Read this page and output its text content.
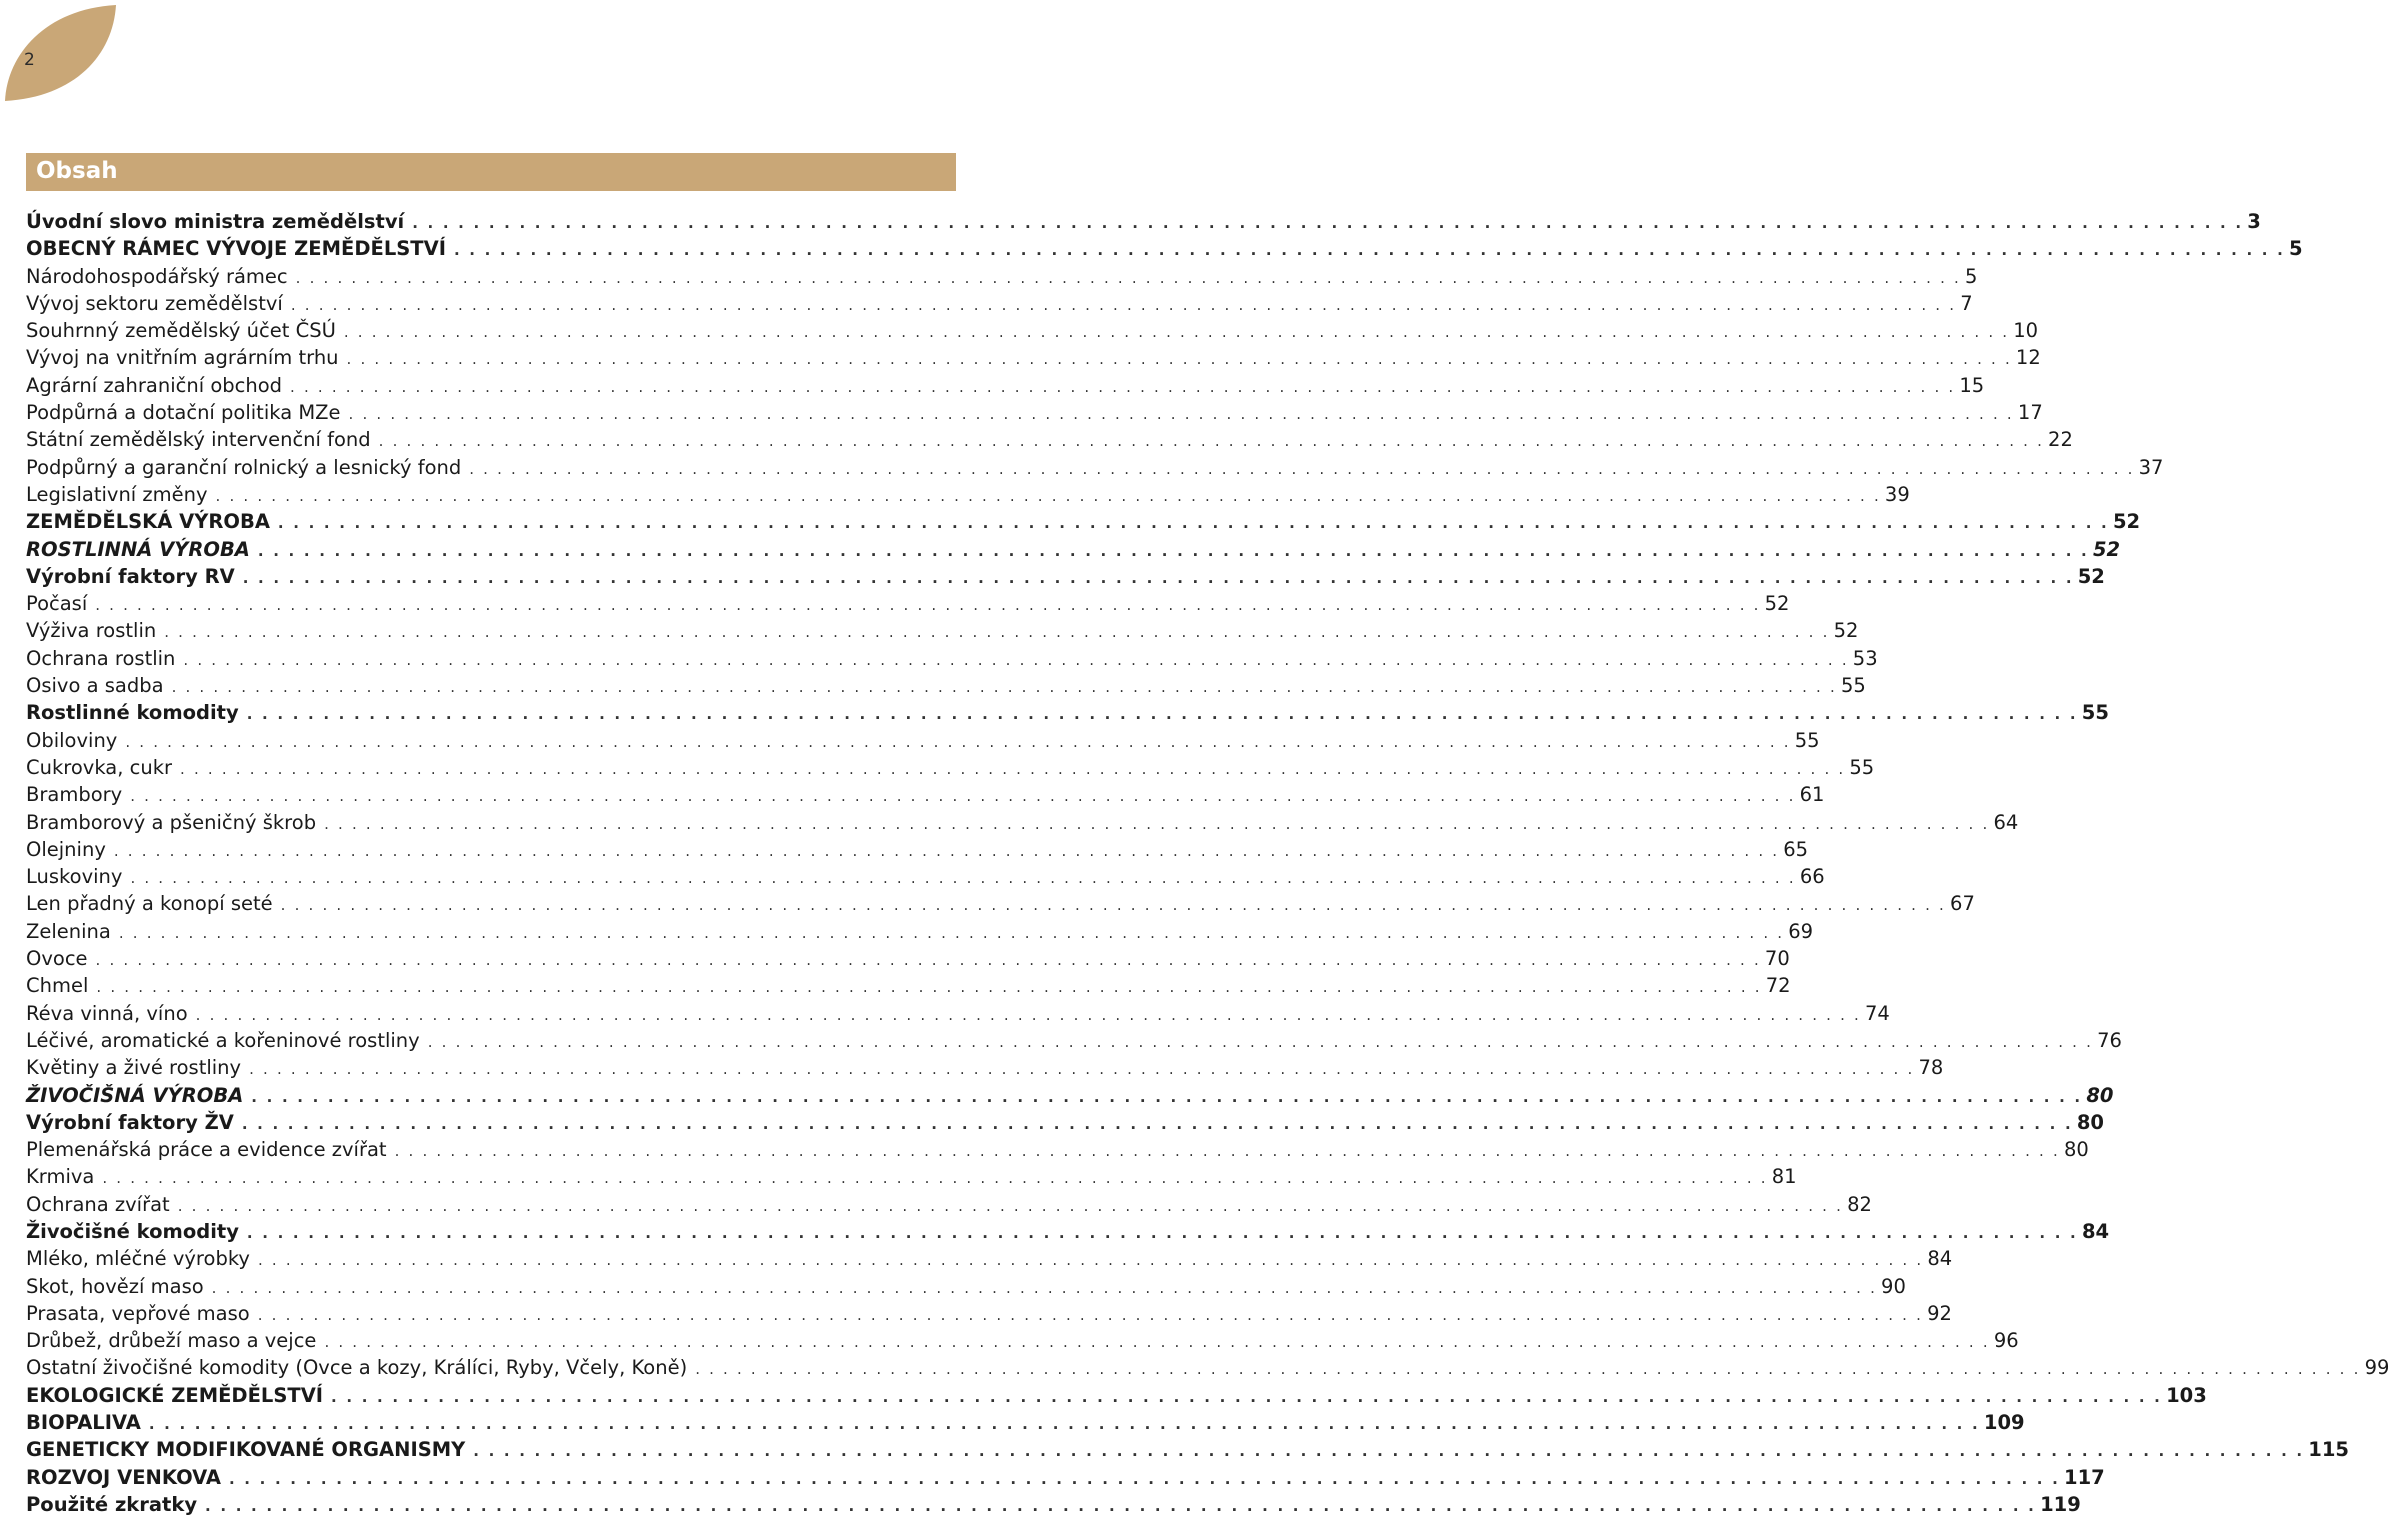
2
Obsah
Úvodní slovo ministra zemědělství . . . . . . . . . . . . . . . . . . . . . . . . . . . . . . . . . . . . . . . . . . . . . . . . . . . . . . . . . . . . . . . . . . . . . . . . . . . . . . . . . . . . . . . . . . . . . . . . . . . . . . . . . . . . . . . . . . . . . . . . 3
OBECNÝ RÁMEC VÝVOJE ZEMĚDĚLSTVÍ . . . . . . . . . . . . . . . . . . . . . . . . . . . . . . . . . . . . . . . . . . . . . . . . . . . . . . . . . . . . . . . . . . . . . . . . . . . . . . . . . . . . . . . . . . . . . . . . . . . . . . . . . . . . . . . . . . . . . . . . 5
Národohospodářský rámec . . . . . . . . . . . . . . . . . . . . . . . . . . . . . . . . . . . . . . . . . . . . . . . . . . . . . . . . . . . . . . . . . . . . . . . . . . . . . . . . . . . . . . . . . . . . . . . . . . . . . . . . . . . . . . . . . . . . . . . . 5
Vývoj sektoru zemědělství . . . . . . . . . . . . . . . . . . . . . . . . . . . . . . . . . . . . . . . . . . . . . . . . . . . . . . . . . . . . . . . . . . . . . . . . . . . . . . . . . . . . . . . . . . . . . . . . . . . . . . . . . . . . . . . . . . . . . . . . 7
Souhrnný zemědělský účet ČSÚ . . . . . . . . . . . . . . . . . . . . . . . . . . . . . . . . . . . . . . . . . . . . . . . . . . . . . . . . . . . . . . . . . . . . . . . . . . . . . . . . . . . . . . . . . . . . . . . . . . . . . . . . . . . . . . . . . . . . . . . . 10
Vývoj na vnitřním agrárním trhu . . . . . . . . . . . . . . . . . . . . . . . . . . . . . . . . . . . . . . . . . . . . . . . . . . . . . . . . . . . . . . . . . . . . . . . . . . . . . . . . . . . . . . . . . . . . . . . . . . . . . . . . . . . . . . . . . . . . . . . . 12
Agrární zahraniční obchod . . . . . . . . . . . . . . . . . . . . . . . . . . . . . . . . . . . . . . . . . . . . . . . . . . . . . . . . . . . . . . . . . . . . . . . . . . . . . . . . . . . . . . . . . . . . . . . . . . . . . . . . . . . . . . . . . . . . . . . . 15
Podpůrná a dotační politika MZe . . . . . . . . . . . . . . . . . . . . . . . . . . . . . . . . . . . . . . . . . . . . . . . . . . . . . . . . . . . . . . . . . . . . . . . . . . . . . . . . . . . . . . . . . . . . . . . . . . . . . . . . . . . . . . . . . . . . . . . . 17
Státní zemědělský intervenční fond . . . . . . . . . . . . . . . . . . . . . . . . . . . . . . . . . . . . . . . . . . . . . . . . . . . . . . . . . . . . . . . . . . . . . . . . . . . . . . . . . . . . . . . . . . . . . . . . . . . . . . . . . . . . . . . . . . . . . . . . 22
Podpůrný a garanční rolnický a lesnický fond . . . . . . . . . . . . . . . . . . . . . . . . . . . . . . . . . . . . . . . . . . . . . . . . . . . . . . . . . . . . . . . . . . . . . . . . . . . . . . . . . . . . . . . . . . . . . . . . . . . . . . . . . . . . . . . . . . . . . . . . 37
Legislativní změny . . . . . . . . . . . . . . . . . . . . . . . . . . . . . . . . . . . . . . . . . . . . . . . . . . . . . . . . . . . . . . . . . . . . . . . . . . . . . . . . . . . . . . . . . . . . . . . . . . . . . . . . . . . . . . . . . . . . . . . . 39
ZEMĚDĚLSKÁ VÝROBA . . . . . . . . . . . . . . . . . . . . . . . . . . . . . . . . . . . . . . . . . . . . . . . . . . . . . . . . . . . . . . . . . . . . . . . . . . . . . . . . . . . . . . . . . . . . . . . . . . . . . . . . . . . . . . . . . . . . . . . . 52
ROSTLINNÁ VÝROBA . . . . . . . . . . . . . . . . . . . . . . . . . . . . . . . . . . . . . . . . . . . . . . . . . . . . . . . . . . . . . . . . . . . . . . . . . . . . . . . . . . . . . . . . . . . . . . . . . . . . . . . . . . . . . . . . . . . . . . . . 52
Výrobní faktory RV . . . . . . . . . . . . . . . . . . . . . . . . . . . . . . . . . . . . . . . . . . . . . . . . . . . . . . . . . . . . . . . . . . . . . . . . . . . . . . . . . . . . . . . . . . . . . . . . . . . . . . . . . . . . . . . . . . . . . . . . 52
Počasí . . . . . . . . . . . . . . . . . . . . . . . . . . . . . . . . . . . . . . . . . . . . . . . . . . . . . . . . . . . . . . . . . . . . . . . . . . . . . . . . . . . . . . . . . . . . . . . . . . . . . . . . . . . . . . . . . . . . . . . . 52
Výživa rostlin . . . . . . . . . . . . . . . . . . . . . . . . . . . . . . . . . . . . . . . . . . . . . . . . . . . . . . . . . . . . . . . . . . . . . . . . . . . . . . . . . . . . . . . . . . . . . . . . . . . . . . . . . . . . . . . . . . . . . . . . 52
Ochrana rostlin . . . . . . . . . . . . . . . . . . . . . . . . . . . . . . . . . . . . . . . . . . . . . . . . . . . . . . . . . . . . . . . . . . . . . . . . . . . . . . . . . . . . . . . . . . . . . . . . . . . . . . . . . . . . . . . . . . . . . . . . 53
Osivo a sadba . . . . . . . . . . . . . . . . . . . . . . . . . . . . . . . . . . . . . . . . . . . . . . . . . . . . . . . . . . . . . . . . . . . . . . . . . . . . . . . . . . . . . . . . . . . . . . . . . . . . . . . . . . . . . . . . . . . . . . . . 55
Rostlinné komodity . . . . . . . . . . . . . . . . . . . . . . . . . . . . . . . . . . . . . . . . . . . . . . . . . . . . . . . . . . . . . . . . . . . . . . . . . . . . . . . . . . . . . . . . . . . . . . . . . . . . . . . . . . . . . . . . . . . . . . . . 55
Obiloviny . . . . . . . . . . . . . . . . . . . . . . . . . . . . . . . . . . . . . . . . . . . . . . . . . . . . . . . . . . . . . . . . . . . . . . . . . . . . . . . . . . . . . . . . . . . . . . . . . . . . . . . . . . . . . . . . . . . . . . . . 55
Cukrovka, cukr . . . . . . . . . . . . . . . . . . . . . . . . . . . . . . . . . . . . . . . . . . . . . . . . . . . . . . . . . . . . . . . . . . . . . . . . . . . . . . . . . . . . . . . . . . . . . . . . . . . . . . . . . . . . . . . . . . . . . . . . 55
Brambory . . . . . . . . . . . . . . . . . . . . . . . . . . . . . . . . . . . . . . . . . . . . . . . . . . . . . . . . . . . . . . . . . . . . . . . . . . . . . . . . . . . . . . . . . . . . . . . . . . . . . . . . . . . . . . . . . . . . . . . . 61
Bramborový a pšeničný škrob . . . . . . . . . . . . . . . . . . . . . . . . . . . . . . . . . . . . . . . . . . . . . . . . . . . . . . . . . . . . . . . . . . . . . . . . . . . . . . . . . . . . . . . . . . . . . . . . . . . . . . . . . . . . . . . . . . . . . . . . 64
Olejniny . . . . . . . . . . . . . . . . . . . . . . . . . . . . . . . . . . . . . . . . . . . . . . . . . . . . . . . . . . . . . . . . . . . . . . . . . . . . . . . . . . . . . . . . . . . . . . . . . . . . . . . . . . . . . . . . . . . . . . . . 65
Luskoviny . . . . . . . . . . . . . . . . . . . . . . . . . . . . . . . . . . . . . . . . . . . . . . . . . . . . . . . . . . . . . . . . . . . . . . . . . . . . . . . . . . . . . . . . . . . . . . . . . . . . . . . . . . . . . . . . . . . . . . . . 66
Len přadný a konopí seté . . . . . . . . . . . . . . . . . . . . . . . . . . . . . . . . . . . . . . . . . . . . . . . . . . . . . . . . . . . . . . . . . . . . . . . . . . . . . . . . . . . . . . . . . . . . . . . . . . . . . . . . . . . . . . . . . . . . . . . . 67
Zelenina . . . . . . . . . . . . . . . . . . . . . . . . . . . . . . . . . . . . . . . . . . . . . . . . . . . . . . . . . . . . . . . . . . . . . . . . . . . . . . . . . . . . . . . . . . . . . . . . . . . . . . . . . . . . . . . . . . . . . . . . 69
Ovoce . . . . . . . . . . . . . . . . . . . . . . . . . . . . . . . . . . . . . . . . . . . . . . . . . . . . . . . . . . . . . . . . . . . . . . . . . . . . . . . . . . . . . . . . . . . . . . . . . . . . . . . . . . . . . . . . . . . . . . . . 70
Chmel . . . . . . . . . . . . . . . . . . . . . . . . . . . . . . . . . . . . . . . . . . . . . . . . . . . . . . . . . . . . . . . . . . . . . . . . . . . . . . . . . . . . . . . . . . . . . . . . . . . . . . . . . . . . . . . . . . . . . . . . 72
Réva vinná, víno . . . . . . . . . . . . . . . . . . . . . . . . . . . . . . . . . . . . . . . . . . . . . . . . . . . . . . . . . . . . . . . . . . . . . . . . . . . . . . . . . . . . . . . . . . . . . . . . . . . . . . . . . . . . . . . . . . . . . . . . 74
Léčivé, aromatické a kořeninové rostliny . . . . . . . . . . . . . . . . . . . . . . . . . . . . . . . . . . . . . . . . . . . . . . . . . . . . . . . . . . . . . . . . . . . . . . . . . . . . . . . . . . . . . . . . . . . . . . . . . . . . . . . . . . . . . . . . . . . . . . . . 76
Květiny a živé rostliny . . . . . . . . . . . . . . . . . . . . . . . . . . . . . . . . . . . . . . . . . . . . . . . . . . . . . . . . . . . . . . . . . . . . . . . . . . . . . . . . . . . . . . . . . . . . . . . . . . . . . . . . . . . . . . . . . . . . . . . . 78
ŽIVOČIŠNÁ VÝROBA . . . . . . . . . . . . . . . . . . . . . . . . . . . . . . . . . . . . . . . . . . . . . . . . . . . . . . . . . . . . . . . . . . . . . . . . . . . . . . . . . . . . . . . . . . . . . . . . . . . . . . . . . . . . . . . . . . . . . . . . 80
Výrobní faktory ŽV . . . . . . . . . . . . . . . . . . . . . . . . . . . . . . . . . . . . . . . . . . . . . . . . . . . . . . . . . . . . . . . . . . . . . . . . . . . . . . . . . . . . . . . . . . . . . . . . . . . . . . . . . . . . . . . . . . . . . . . . 80
Plemenářská práce a evidence zvířat . . . . . . . . . . . . . . . . . . . . . . . . . . . . . . . . . . . . . . . . . . . . . . . . . . . . . . . . . . . . . . . . . . . . . . . . . . . . . . . . . . . . . . . . . . . . . . . . . . . . . . . . . . . . . . . . . . . . . . . . 80
Krmiva . . . . . . . . . . . . . . . . . . . . . . . . . . . . . . . . . . . . . . . . . . . . . . . . . . . . . . . . . . . . . . . . . . . . . . . . . . . . . . . . . . . . . . . . . . . . . . . . . . . . . . . . . . . . . . . . . . . . . . . . 81
Ochrana zvířat . . . . . . . . . . . . . . . . . . . . . . . . . . . . . . . . . . . . . . . . . . . . . . . . . . . . . . . . . . . . . . . . . . . . . . . . . . . . . . . . . . . . . . . . . . . . . . . . . . . . . . . . . . . . . . . . . . . . . . . . 82
Živočišné komodity . . . . . . . . . . . . . . . . . . . . . . . . . . . . . . . . . . . . . . . . . . . . . . . . . . . . . . . . . . . . . . . . . . . . . . . . . . . . . . . . . . . . . . . . . . . . . . . . . . . . . . . . . . . . . . . . . . . . . . . . 84
Mléko, mléčné výrobky . . . . . . . . . . . . . . . . . . . . . . . . . . . . . . . . . . . . . . . . . . . . . . . . . . . . . . . . . . . . . . . . . . . . . . . . . . . . . . . . . . . . . . . . . . . . . . . . . . . . . . . . . . . . . . . . . . . . . . . . 84
Skot, hovězí maso . . . . . . . . . . . . . . . . . . . . . . . . . . . . . . . . . . . . . . . . . . . . . . . . . . . . . . . . . . . . . . . . . . . . . . . . . . . . . . . . . . . . . . . . . . . . . . . . . . . . . . . . . . . . . . . . . . . . . . . . 90
Prasata, vepřové maso . . . . . . . . . . . . . . . . . . . . . . . . . . . . . . . . . . . . . . . . . . . . . . . . . . . . . . . . . . . . . . . . . . . . . . . . . . . . . . . . . . . . . . . . . . . . . . . . . . . . . . . . . . . . . . . . . . . . . . . . 92
Drůbež, drůbeží maso a vejce . . . . . . . . . . . . . . . . . . . . . . . . . . . . . . . . . . . . . . . . . . . . . . . . . . . . . . . . . . . . . . . . . . . . . . . . . . . . . . . . . . . . . . . . . . . . . . . . . . . . . . . . . . . . . . . . . . . . . . . . 96
Ostatní živočišné komodity (Ovce a kozy, Králíci, Ryby, Včely, Koně) . . . . . . . . . . . . . . . . . . . . . . . . . . . . . . . . . . . . . . . . . . . . . . . . . . . . . . . . . . . . . . . . . . . . . . . . . . . . . . . . . . . . . . . . . . . . . . . . . . . . . . . . . . . . . . . . . . . . . . . . 99
EKOLOGICKÉ ZEMĚDĚLSTVÍ . . . . . . . . . . . . . . . . . . . . . . . . . . . . . . . . . . . . . . . . . . . . . . . . . . . . . . . . . . . . . . . . . . . . . . . . . . . . . . . . . . . . . . . . . . . . . . . . . . . . . . . . . . . . . . . . . . . . . . . . 103
BIOPALIVA . . . . . . . . . . . . . . . . . . . . . . . . . . . . . . . . . . . . . . . . . . . . . . . . . . . . . . . . . . . . . . . . . . . . . . . . . . . . . . . . . . . . . . . . . . . . . . . . . . . . . . . . . . . . . . . . . . . . . . . . 109
GENETICKY MODIFIKOVANÉ ORGANISMY . . . . . . . . . . . . . . . . . . . . . . . . . . . . . . . . . . . . . . . . . . . . . . . . . . . . . . . . . . . . . . . . . . . . . . . . . . . . . . . . . . . . . . . . . . . . . . . . . . . . . . . . . . . . . . . . . . . . . . . . 115
ROZVOJ VENKOVA . . . . . . . . . . . . . . . . . . . . . . . . . . . . . . . . . . . . . . . . . . . . . . . . . . . . . . . . . . . . . . . . . . . . . . . . . . . . . . . . . . . . . . . . . . . . . . . . . . . . . . . . . . . . . . . . . . . . . . . . 117
Použité zkratky . . . . . . . . . . . . . . . . . . . . . . . . . . . . . . . . . . . . . . . . . . . . . . . . . . . . . . . . . . . . . . . . . . . . . . . . . . . . . . . . . . . . . . . . . . . . . . . . . . . . . . . . . . . . . . . . . . . . . . . . 119
